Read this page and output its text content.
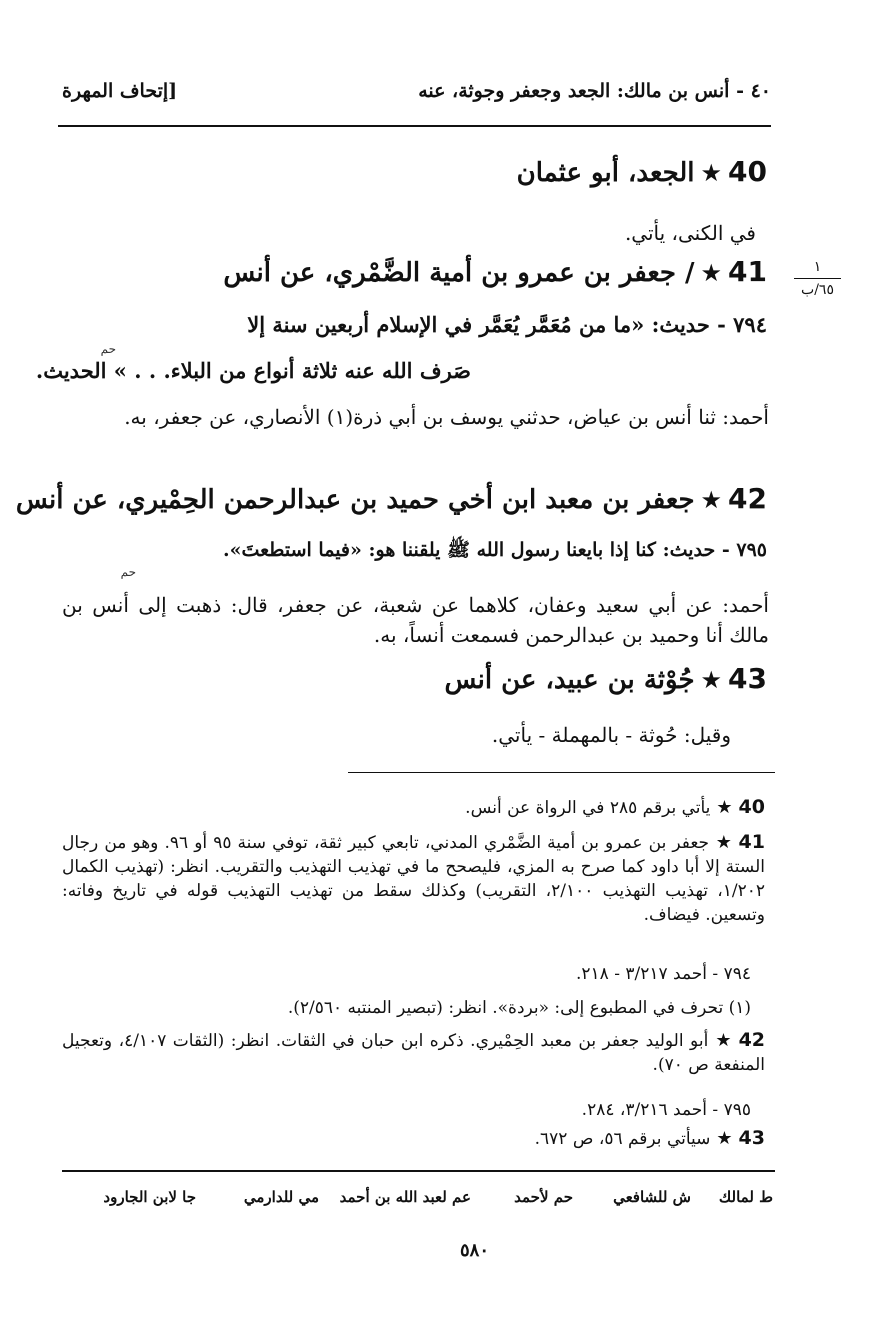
٤٠ - أنس بن مالك: الجعد وجعفر وجوثة، عنه
[إتحاف المهرة
١
٦٥/ب
40★الجعد، أبو عثمان
في الكنى، يأتي.
41★/ جعفر بن عمرو بن أمية الضَّمْري، عن أنس
٧٩٤ - حديث: «ما من مُعَمَّر يُعَمَّر في الإسلام أربعين سنة إلا
حم
صَرف الله عنه ثلاثة أنواع من البلاء. . . » الحديث.
أحمد: ثنا أنس بن عياض، حدثني يوسف بن أبي ذرة(١) الأنصاري، عن جعفر، به.
42★جعفر بن معبد ابن أخي حميد بن عبدالرحمن الحِمْيري، عن أنس
٧٩٥ - حديث: كنا إذا بايعنا رسول الله ﷺ يلقننا هو: «فيما استطعتَ».
حم
أحمد: عن أبي سعيد وعفان، كلاهما عن شعبة، عن جعفر، قال: ذهبت إلى أنس بن مالك أنا وحميد بن عبدالرحمن فسمعت أنساً، به.
43★جُوْثة بن عبيد، عن أنس
وقيل: حُوثة - بالمهملة - يأتي.
40★يأتي برقم ٢٨٥ في الرواة عن أنس.
41★جعفر بن عمرو بن أمية الضَّمْري المدني، تابعي كبير ثقة، توفي سنة ٩٥ أو ٩٦. وهو من رجال الستة إلا أبا داود كما صرح به المزي، فليصحح ما في تهذيب التهذيب والتقريب. انظر: (تهذيب الكمال ١/٢٠٢، تهذيب التهذيب ٢/١٠٠، التقريب) وكذلك سقط من تهذيب التهذيب قوله في تاريخ وفاته: وتسعين. فيضاف.
٧٩٤ - أحمد ٣/٢١٧ - ٢١٨.
(١) تحرف في المطبوع إلى: «بردة». انظر: (تبصير المنتبه ٢/٥٦٠).
42★أبو الوليد جعفر بن معبد الحِمْيري. ذكره ابن حبان في الثقات. انظر: (الثقات ٤/١٠٧، وتعجيل المنفعة ص ٧٠).
٧٩٥ - أحمد ٣/٢١٦، ٢٨٤.
43★سيأتي برقم ٥٦، ص ٦٧٢.
ط لمالك
ش للشافعي
حم لأحمد
عم لعبد الله بن أحمد
مي للدارمي
جا لابن الجارود
٥٨٠
